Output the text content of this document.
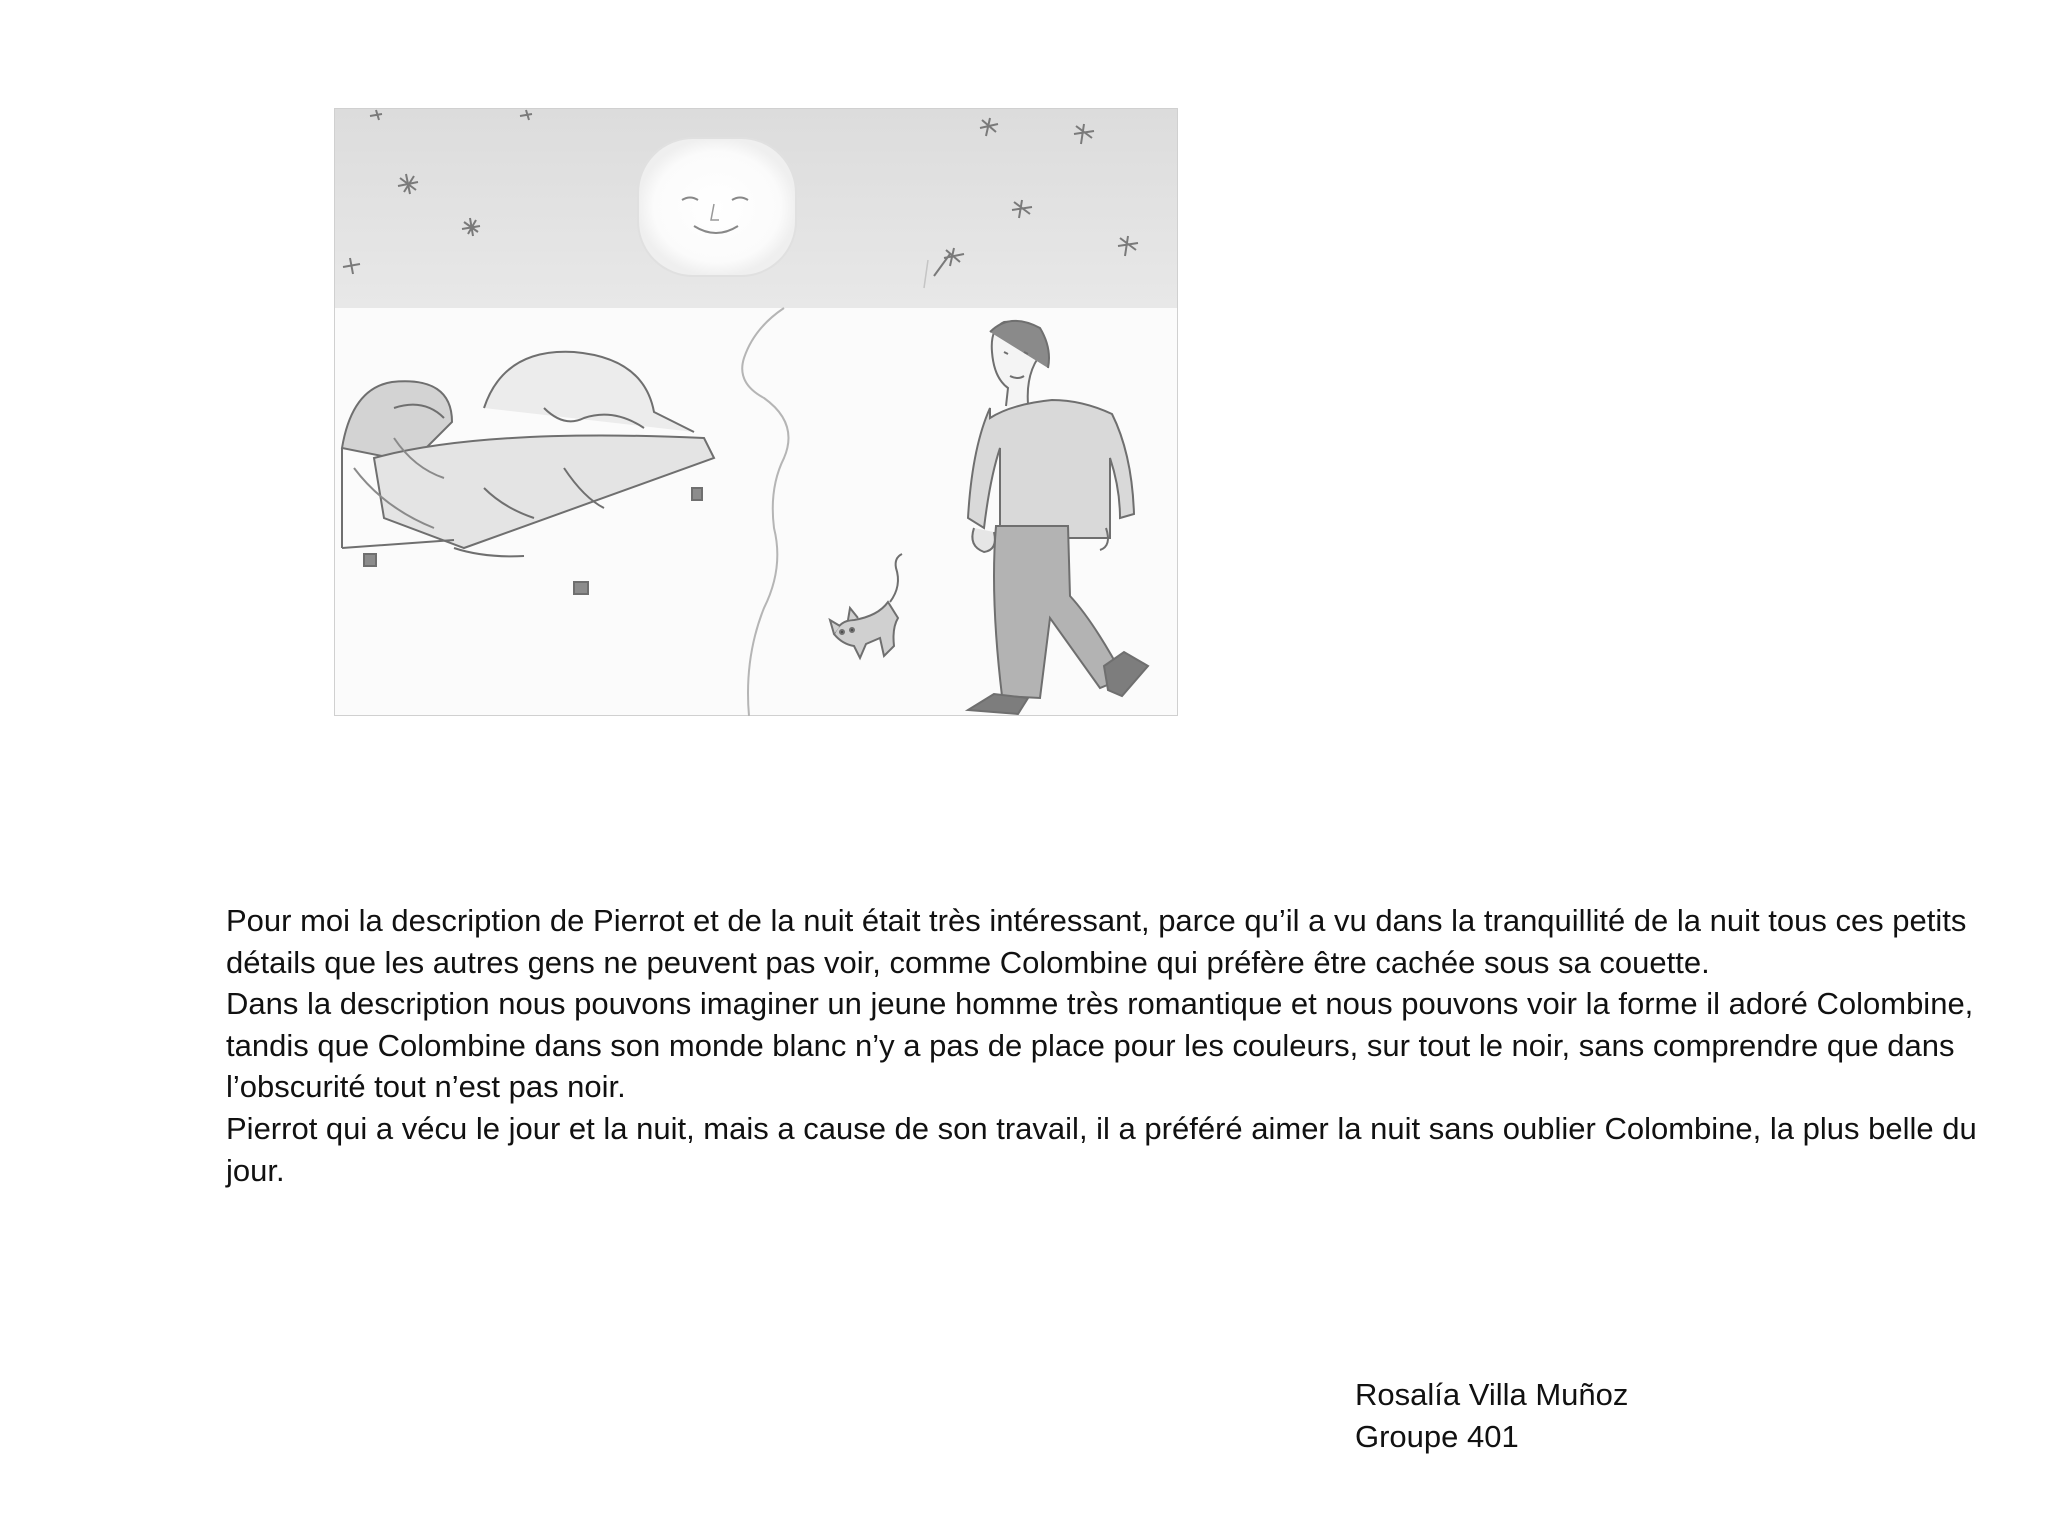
Pour moi la description de Pierrot et de la nuit était très intéressant, parce qu’il a vu dans la tranquillité de la nuit tous ces petits détails que les autres gens ne peuvent pas voir, comme Colombine qui préfère être cachée sous sa couette.

Dans la description nous pouvons imaginer un jeune homme très romantique et nous pouvons voir la forme il adoré Colombine, tandis que Colombine dans son monde blanc n’y a pas de place pour les couleurs, sur tout le noir, sans comprendre que dans l’obscurité tout n’est pas noir.

Pierrot qui a vécu le jour et la nuit, mais a cause de son travail, il a préféré aimer la nuit sans oublier Colombine, la plus belle du jour.

Rosalía Villa Muñoz
Groupe 401
